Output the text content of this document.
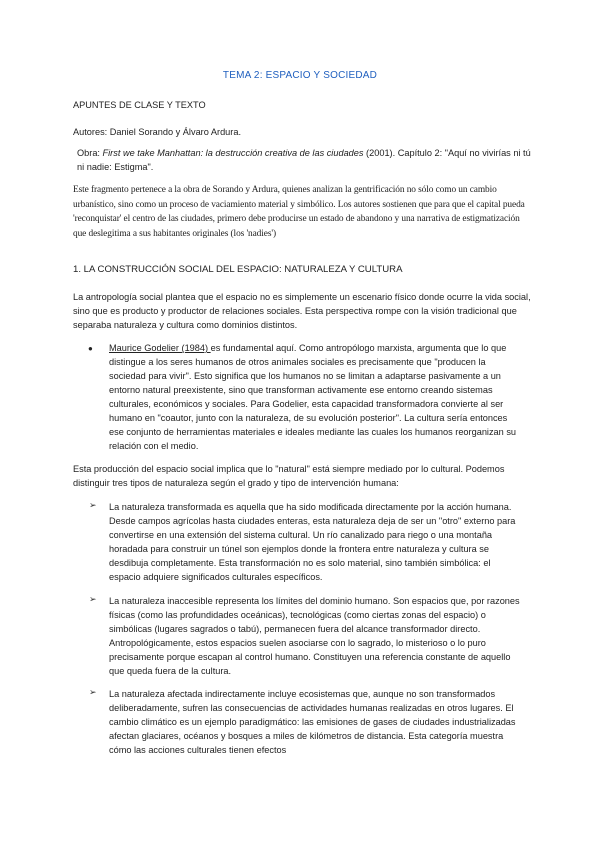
TEMA 2: ESPACIO Y SOCIEDAD
APUNTES DE CLASE Y TEXTO
Autores: Daniel Sorando y Álvaro Ardura.
Obra: First we take Manhattan: la destrucción creativa de las ciudades (2001). Capítulo 2: "Aquí no vivirías ni tú ni nadie: Estigma".
Este fragmento pertenece a la obra de Sorando y Ardura, quienes analizan la gentrificación no sólo como un cambio urbanístico, sino como un proceso de vaciamiento material y simbólico. Los autores sostienen que para que el capital pueda 'reconquistar' el centro de las ciudades, primero debe producirse un estado de abandono y una narrativa de estigmatización que deslegitima a sus habitantes originales (los 'nadies')
1. LA CONSTRUCCIÓN SOCIAL DEL ESPACIO: NATURALEZA Y CULTURA
La antropología social plantea que el espacio no es simplemente un escenario físico donde ocurre la vida social, sino que es producto y productor de relaciones sociales. Esta perspectiva rompe con la visión tradicional que separaba naturaleza y cultura como dominios distintos.
● Maurice Godelier (1984) es fundamental aquí. Como antropólogo marxista, argumenta que lo que distingue a los seres humanos de otros animales sociales es precisamente que "producen la sociedad para vivir". Esto significa que los humanos no se limitan a adaptarse pasivamente a un entorno natural preexistente, sino que transforman activamente ese entorno creando sistemas culturales, económicos y sociales. Para Godelier, esta capacidad transformadora convierte al ser humano en "coautor, junto con la naturaleza, de su evolución posterior". La cultura sería entonces ese conjunto de herramientas materiales e ideales mediante las cuales los humanos reorganizan su relación con el medio.
Esta producción del espacio social implica que lo "natural" está siempre mediado por lo cultural. Podemos distinguir tres tipos de naturaleza según el grado y tipo de intervención humana:
➢ La naturaleza transformada es aquella que ha sido modificada directamente por la acción humana. Desde campos agrícolas hasta ciudades enteras, esta naturaleza deja de ser un "otro" externo para convertirse en una extensión del sistema cultural. Un río canalizado para riego o una montaña horadada para construir un túnel son ejemplos donde la frontera entre naturaleza y cultura se desdibuja completamente. Esta transformación no es solo material, sino también simbólica: el espacio adquiere significados culturales específicos.
➢ La naturaleza inaccesible representa los límites del dominio humano. Son espacios que, por razones físicas (como las profundidades oceánicas), tecnológicas (como ciertas zonas del espacio) o simbólicas (lugares sagrados o tabú), permanecen fuera del alcance transformador directo. Antropológicamente, estos espacios suelen asociarse con lo sagrado, lo misterioso o lo puro precisamente porque escapan al control humano. Constituyen una referencia constante de aquello que queda fuera de la cultura.
➢ La naturaleza afectada indirectamente incluye ecosistemas que, aunque no son transformados deliberadamente, sufren las consecuencias de actividades humanas realizadas en otros lugares. El cambio climático es un ejemplo paradigmático: las emisiones de gases de ciudades industrializadas afectan glaciares, océanos y bosques a miles de kilómetros de distancia. Esta categoría muestra cómo las acciones culturales tienen efectos
